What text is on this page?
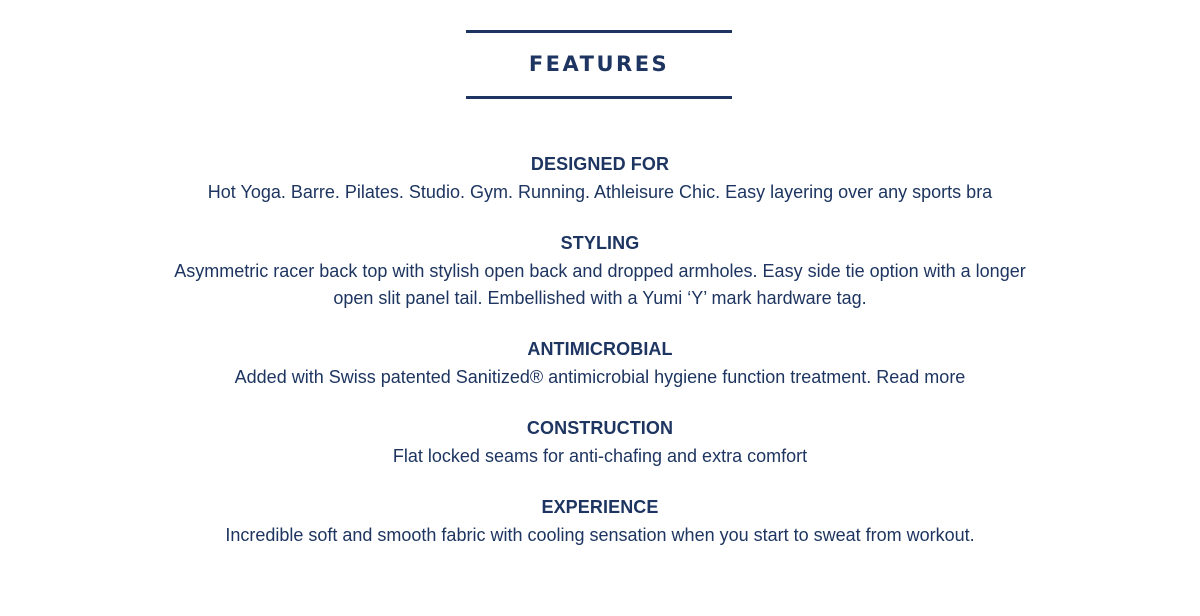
FEATURES
DESIGNED FOR
Hot Yoga. Barre. Pilates. Studio. Gym. Running. Athleisure Chic. Easy layering over any sports bra
STYLING
Asymmetric racer back top with stylish open back and dropped armholes. Easy side tie option with a longer open slit panel tail. Embellished with a Yumi ‘Y’ mark hardware tag.
ANTIMICROBIAL
Added with Swiss patented Sanitized® antimicrobial hygiene function treatment. Read more
CONSTRUCTION
Flat locked seams for anti-chafing and extra comfort
EXPERIENCE
Incredible soft and smooth fabric with cooling sensation when you start to sweat from workout.
